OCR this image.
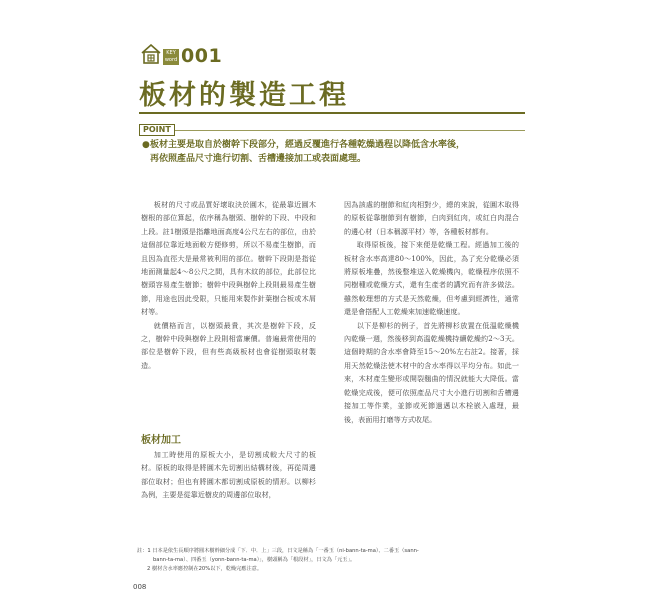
KEY
word 001
板材的製造工程
POINT
●板材主要是取自於樹幹下段部分，經過反覆進行各種乾燥過程以降低含水率後，
再依照產品尺寸進行切割、舌槽邊接加工或表面處理。

板材的尺寸或品質好壞取決於圓木，從最靠近圓木樹根的部位算起，依序稱為樹頭、樹幹的下段、中段和上段。註1樹頭是指離地面高度4公尺左右的部位，由於這個部位靠近地面較方便修剪，所以不易產生樹節，而且因為直徑大是最常被利用的部位。樹幹下段則是指從地面測量起4～8公尺之間，具有木紋的部位，此部位比樹頭容易產生樹節；樹幹中段與樹幹上段則最易產生樹節，用途也因此受限，只能用來製作針葉樹合板或木屑材等。

就價格而言，以樹頭最貴，其次是樹幹下段，反之，樹幹中段與樹幹上段則相當廉價。普遍最常使用的部位是樹幹下段，但有些高級板材也會從樹頭取材製造。

板材加工

加工時使用的原板大小，是切割成較大尺寸的板材。原板的取得是將圓木先切割出結構材後，再從周邊部位取材；但也有將圓木都切割成原板的情形。以柳杉為例，主要是從靠近樹皮的周邊部位取材，

因為該處的樹節和紅肉相對少，總的來說，從圓木取得的原板從靠樹節到有樹節，白肉到紅肉，或紅白肉混合的邊心材（日本稱源平材）等，各種板材都有。

取得原板後，接下來便是乾燥工程。經過加工後的板材含水率高達80～100%，因此，為了充分乾燥必須將原板堆疊，然後整堆送入乾燥機內，乾燥程序依照不同樹種或乾燥方式，還有生產者的講究而有許多做法。雖然較理想的方式是天然乾燥，但考慮到經濟性，通常還是會搭配人工乾燥來加速乾燥速度。

以下是柳杉的例子，首先將柳杉放置在低溫乾燥機內乾燥一週，然後移到高溫乾燥機持續乾燥約2～3天。這個時期的含水率會降至15～20%左右註2。接著，採用天然乾燥法使木材中的含水率得以平均分布。如此一來，木材產生變形或開裂翹曲的情況就能大大降低。當乾燥完成後，便可依照產品尺寸大小進行切割和舌槽邊接加工等作業，並節或死節過邁以木栓嵌入處理，最後，表面用打磨等方式收尾。

註：1 日本是依生長順序將圓木樹幹細分成「下．中．上」三段，日文是稱為「一番玉（ni-bann-ta-ma）、二番玉（sann-
bann-ta-ma）、四番玉（yonn-bann-ta-ma）」，樹頭稱為「根段材」，日文為「元玉」。
2 樹材含水率應控制在20%以下，乾燥完應注意。
008
